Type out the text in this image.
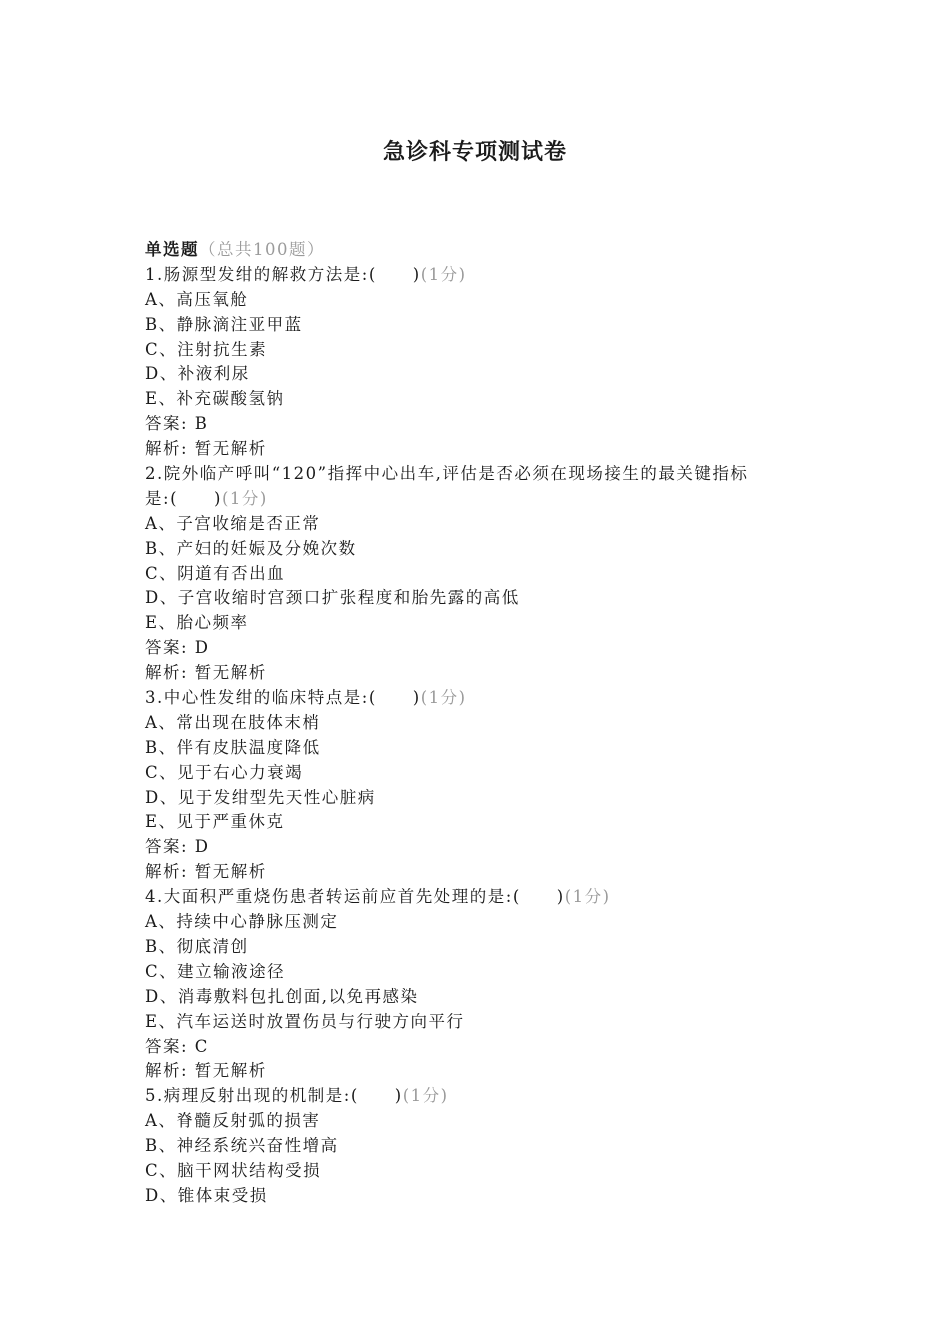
急诊科专项测试卷
单选题（总共100题）
1.肠源型发绀的解救方法是:(　　)(1分)
A、高压氧舱
B、静脉滴注亚甲蓝
C、注射抗生素
D、补液利尿
E、补充碳酸氢钠
答案: B
解析: 暂无解析
2.院外临产呼叫“120”指挥中心出车,评估是否必须在现场接生的最关键指标
是:(　　)(1分)
A、子宫收缩是否正常
B、产妇的妊娠及分娩次数
C、阴道有否出血
D、子宫收缩时宫颈口扩张程度和胎先露的高低
E、胎心频率
答案: D
解析: 暂无解析
3.中心性发绀的临床特点是:(　　)(1分)
A、常出现在肢体末梢
B、伴有皮肤温度降低
C、见于右心力衰竭
D、见于发绀型先天性心脏病
E、见于严重休克
答案: D
解析: 暂无解析
4.大面积严重烧伤患者转运前应首先处理的是:(　　)(1分)
A、持续中心静脉压测定
B、彻底清创
C、建立输液途径
D、消毒敷料包扎创面,以免再感染
E、汽车运送时放置伤员与行驶方向平行
答案: C
解析: 暂无解析
5.病理反射出现的机制是:(　　)(1分)
A、脊髓反射弧的损害
B、神经系统兴奋性增高
C、脑干网状结构受损
D、锥体束受损
